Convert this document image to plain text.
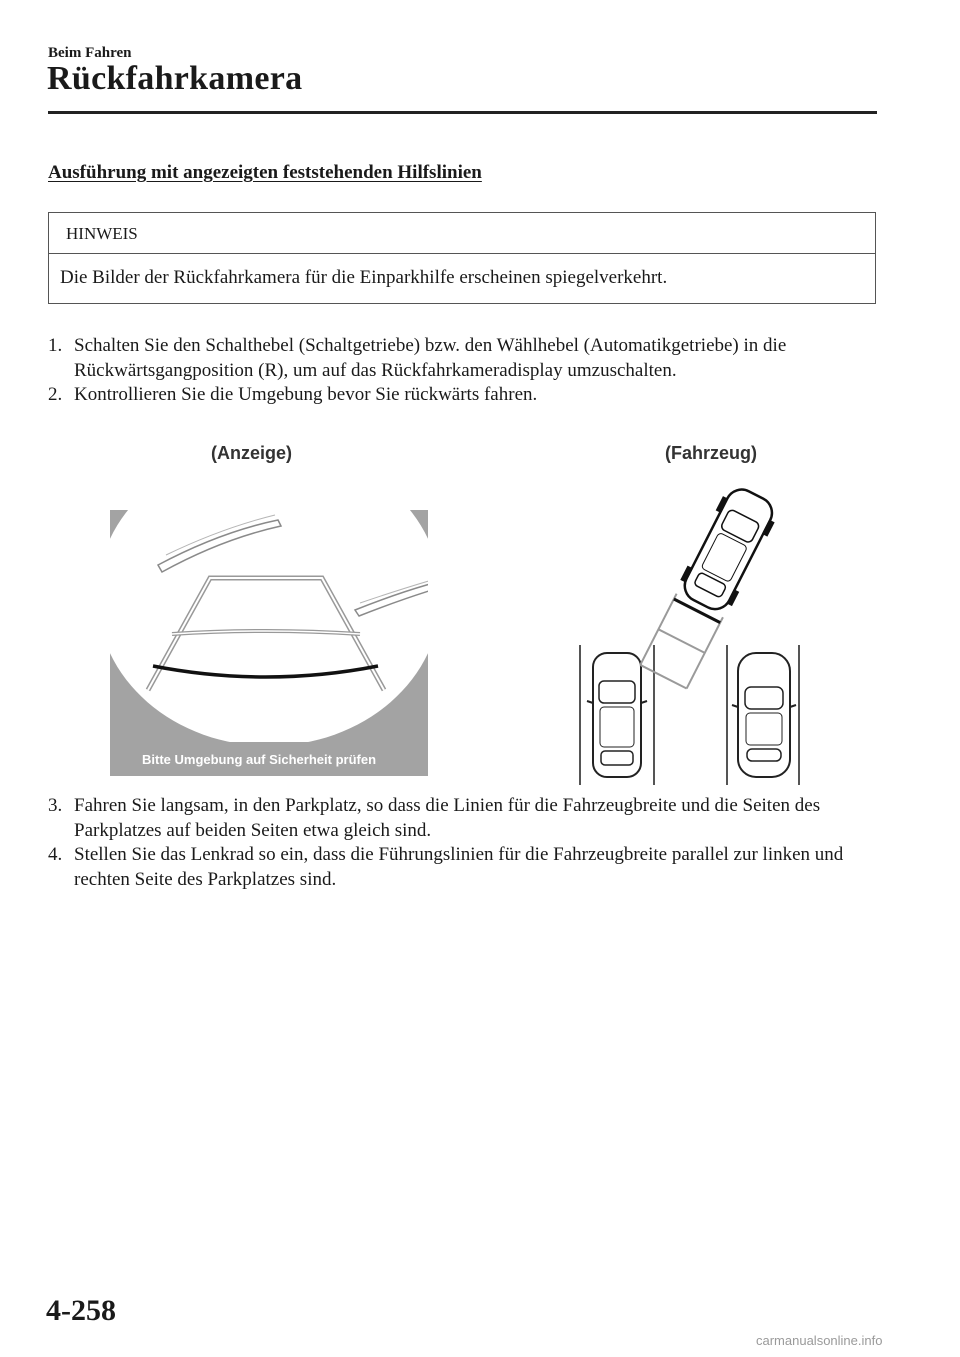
Beim Fahren
Rückfahrkamera
Ausführung mit angezeigten feststehenden Hilfslinien
HINWEIS
Die Bilder der Rückfahrkamera für die Einparkhilfe erscheinen spiegelverkehrt.
1. Schalten Sie den Schalthebel (Schaltgetriebe) bzw. den Wählhebel (Automatikgetriebe) in die Rückwärtsgangposition (R), um auf das Rückfahrkameradisplay umzuschalten.
2. Kontrollieren Sie die Umgebung bevor Sie rückwärts fahren.
(Anzeige)	(Fahrzeug)
Bitte Umgebung auf Sicherheit prüfen
3. Fahren Sie langsam, in den Parkplatz, so dass die Linien für die Fahrzeugbreite und die Seiten des Parkplatzes auf beiden Seiten etwa gleich sind.
4. Stellen Sie das Lenkrad so ein, dass die Führungslinien für die Fahrzeugbreite parallel zur linken und rechten Seite des Parkplatzes sind.
4-258
carmanualsonline.info
